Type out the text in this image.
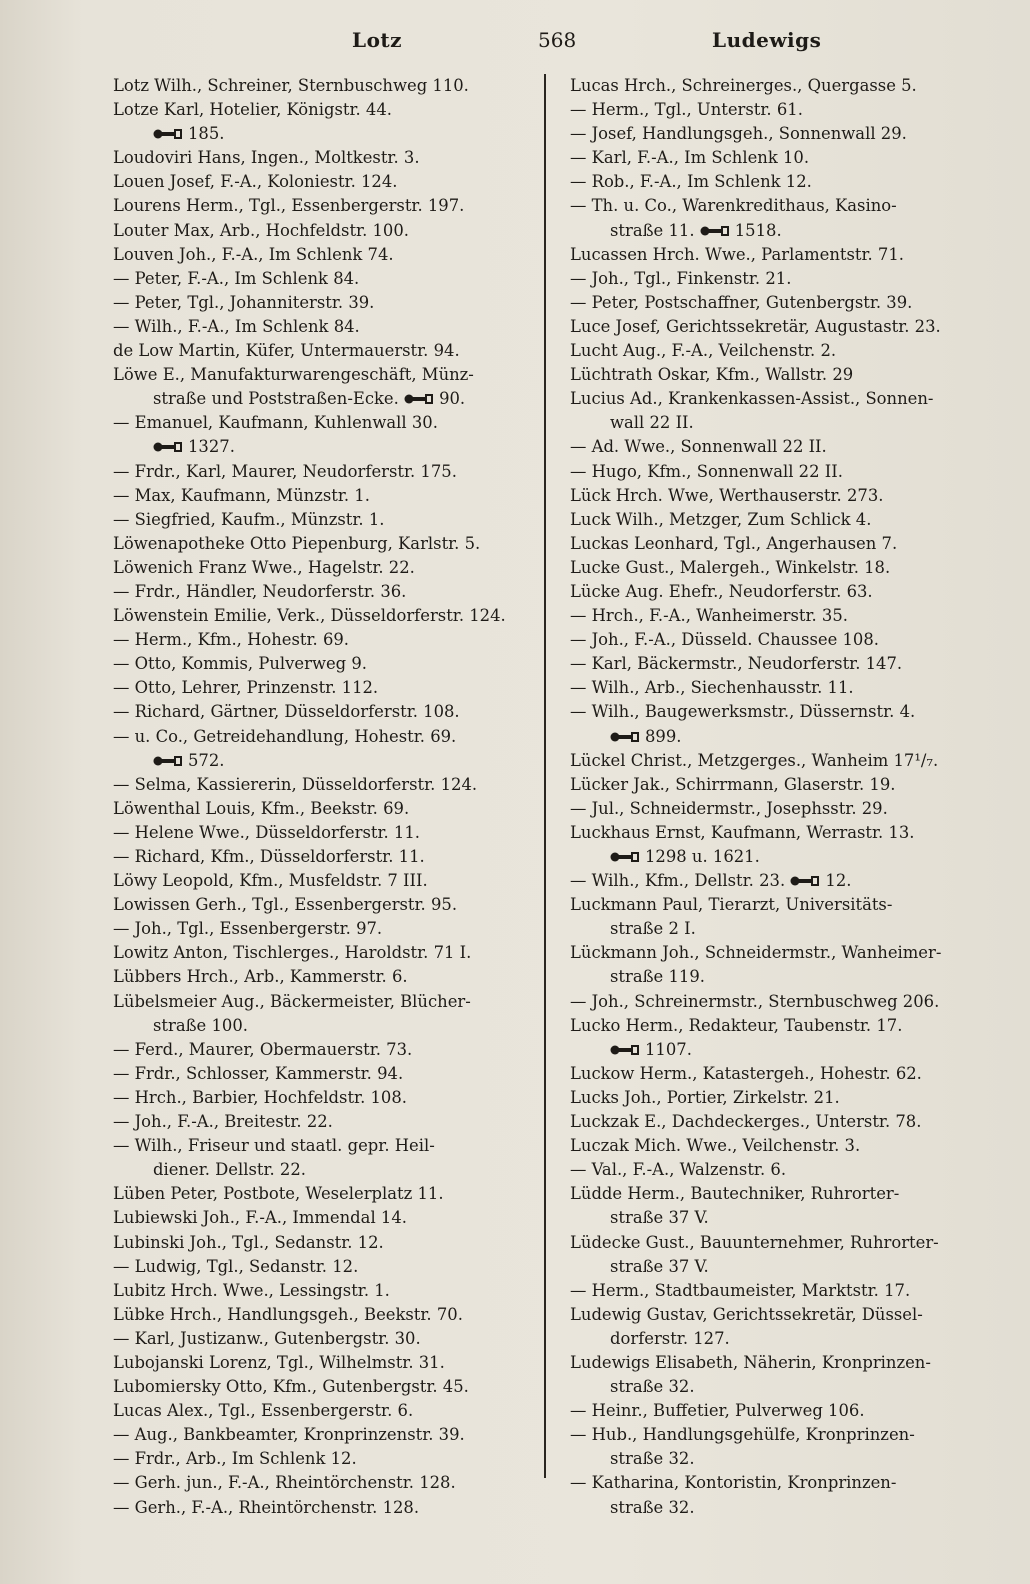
Lotz	568	Ludewigs
Lotz Wilh., Schreiner, Sternbuschweg 110.
Lotze Karl, Hotelier, Königstr. 44.
185.
Loudoviri Hans, Ingen., Moltkestr. 3.
Louen Josef, F.-A., Koloniestr. 124.
Lourens Herm., Tgl., Essenbergerstr. 197.
Louter Max, Arb., Hochfeldstr. 100.
Louven Joh., F.-A., Im Schlenk 74.
— Peter, F.-A., Im Schlenk 84.
— Peter, Tgl., Johanniterstr. 39.
— Wilh., F.-A., Im Schlenk 84.
de Low Martin, Küfer, Untermauerstr. 94.
Löwe E., Manufakturwarengeschäft, Münz-
straße und Poststraßen-Ecke. 90.
— Emanuel, Kaufmann, Kuhlenwall 30.
1327.
— Frdr., Karl, Maurer, Neudorferstr. 175.
— Max, Kaufmann, Münzstr. 1.
— Siegfried, Kaufm., Münzstr. 1.
Löwenapotheke Otto Piepenburg, Karlstr. 5.
Löwenich Franz Wwe., Hagelstr. 22.
— Frdr., Händler, Neudorferstr. 36.
Löwenstein Emilie, Verk., Düsseldorferstr. 124.
— Herm., Kfm., Hohestr. 69.
— Otto, Kommis, Pulverweg 9.
— Otto, Lehrer, Prinzenstr. 112.
— Richard, Gärtner, Düsseldorferstr. 108.
— u. Co., Getreidehandlung, Hohestr. 69.
572.
— Selma, Kassiererin, Düsseldorferstr. 124.
Löwenthal Louis, Kfm., Beekstr. 69.
— Helene Wwe., Düsseldorferstr. 11.
— Richard, Kfm., Düsseldorferstr. 11.
Löwy Leopold, Kfm., Musfeldstr. 7 III.
Lowissen Gerh., Tgl., Essenbergerstr. 95.
— Joh., Tgl., Essenbergerstr. 97.
Lowitz Anton, Tischlerges., Haroldstr. 71 I.
Lübbers Hrch., Arb., Kammerstr. 6.
Lübelsmeier Aug., Bäckermeister, Blücher-
straße 100.
— Ferd., Maurer, Obermauerstr. 73.
— Frdr., Schlosser, Kammerstr. 94.
— Hrch., Barbier, Hochfeldstr. 108.
— Joh., F.-A., Breitestr. 22.
— Wilh., Friseur und staatl. gepr. Heil-
diener. Dellstr. 22.
Lüben Peter, Postbote, Weselerplatz 11.
Lubiewski Joh., F.-A., Immendal 14.
Lubinski Joh., Tgl., Sedanstr. 12.
— Ludwig, Tgl., Sedanstr. 12.
Lubitz Hrch. Wwe., Lessingstr. 1.
Lübke Hrch., Handlungsgeh., Beekstr. 70.
— Karl, Justizanw., Gutenbergstr. 30.
Lubojanski Lorenz, Tgl., Wilhelmstr. 31.
Lubomiersky Otto, Kfm., Gutenbergstr. 45.
Lucas Alex., Tgl., Essenbergerstr. 6.
— Aug., Bankbeamter, Kronprinzenstr. 39.
— Frdr., Arb., Im Schlenk 12.
— Gerh. jun., F.-A., Rheintörchenstr. 128.
— Gerh., F.-A., Rheintörchenstr. 128.
Lucas Hrch., Schreinerges., Quergasse 5.
— Herm., Tgl., Unterstr. 61.
— Josef, Handlungsgeh., Sonnenwall 29.
— Karl, F.-A., Im Schlenk 10.
— Rob., F.-A., Im Schlenk 12.
— Th. u. Co., Warenkredithaus, Kasino-
straße 11. 1518.
Lucassen Hrch. Wwe., Parlamentstr. 71.
— Joh., Tgl., Finkenstr. 21.
— Peter, Postschaffner, Gutenbergstr. 39.
Luce Josef, Gerichtssekretär, Augustastr. 23.
Lucht Aug., F.-A., Veilchenstr. 2.
Lüchtrath Oskar, Kfm., Wallstr. 29
Lucius Ad., Krankenkassen-Assist., Sonnen-
wall 22 II.
— Ad. Wwe., Sonnenwall 22 II.
— Hugo, Kfm., Sonnenwall 22 II.
Lück Hrch. Wwe, Werthauserstr. 273.
Luck Wilh., Metzger, Zum Schlick 4.
Luckas Leonhard, Tgl., Angerhausen 7.
Lucke Gust., Malergeh., Winkelstr. 18.
Lücke Aug. Ehefr., Neudorferstr. 63.
— Hrch., F.-A., Wanheimerstr. 35.
— Joh., F.-A., Düsseld. Chaussee 108.
— Karl, Bäckermstr., Neudorferstr. 147.
— Wilh., Arb., Siechenhausstr. 11.
— Wilh., Baugewerksmstr., Düssernstr. 4.
899.
Lückel Christ., Metzgerges., Wanheim 17¹/₇.
Lücker Jak., Schirrmann, Glaserstr. 19.
— Jul., Schneidermstr., Josephsstr. 29.
Luckhaus Ernst, Kaufmann, Werrastr. 13.
1298 u. 1621.
— Wilh., Kfm., Dellstr. 23. 12.
Luckmann Paul, Tierarzt, Universitäts-
straße 2 I.
Lückmann Joh., Schneidermstr., Wanheimer-
straße 119.
— Joh., Schreinermstr., Sternbuschweg 206.
Lucko Herm., Redakteur, Taubenstr. 17.
1107.
Luckow Herm., Katastergeh., Hohestr. 62.
Lucks Joh., Portier, Zirkelstr. 21.
Luckzak E., Dachdeckerges., Unterstr. 78.
Luczak Mich. Wwe., Veilchenstr. 3.
— Val., F.-A., Walzenstr. 6.
Lüdde Herm., Bautechniker, Ruhrorter-
straße 37 V.
Lüdecke Gust., Bauunternehmer, Ruhrorter-
straße 37 V.
— Herm., Stadtbaumeister, Marktstr. 17.
Ludewig Gustav, Gerichtssekretär, Düssel-
dorferstr. 127.
Ludewigs Elisabeth, Näherin, Kronprinzen-
straße 32.
— Heinr., Buffetier, Pulverweg 106.
— Hub., Handlungsgehülfe, Kronprinzen-
straße 32.
— Katharina, Kontoristin, Kronprinzen-
straße 32.
